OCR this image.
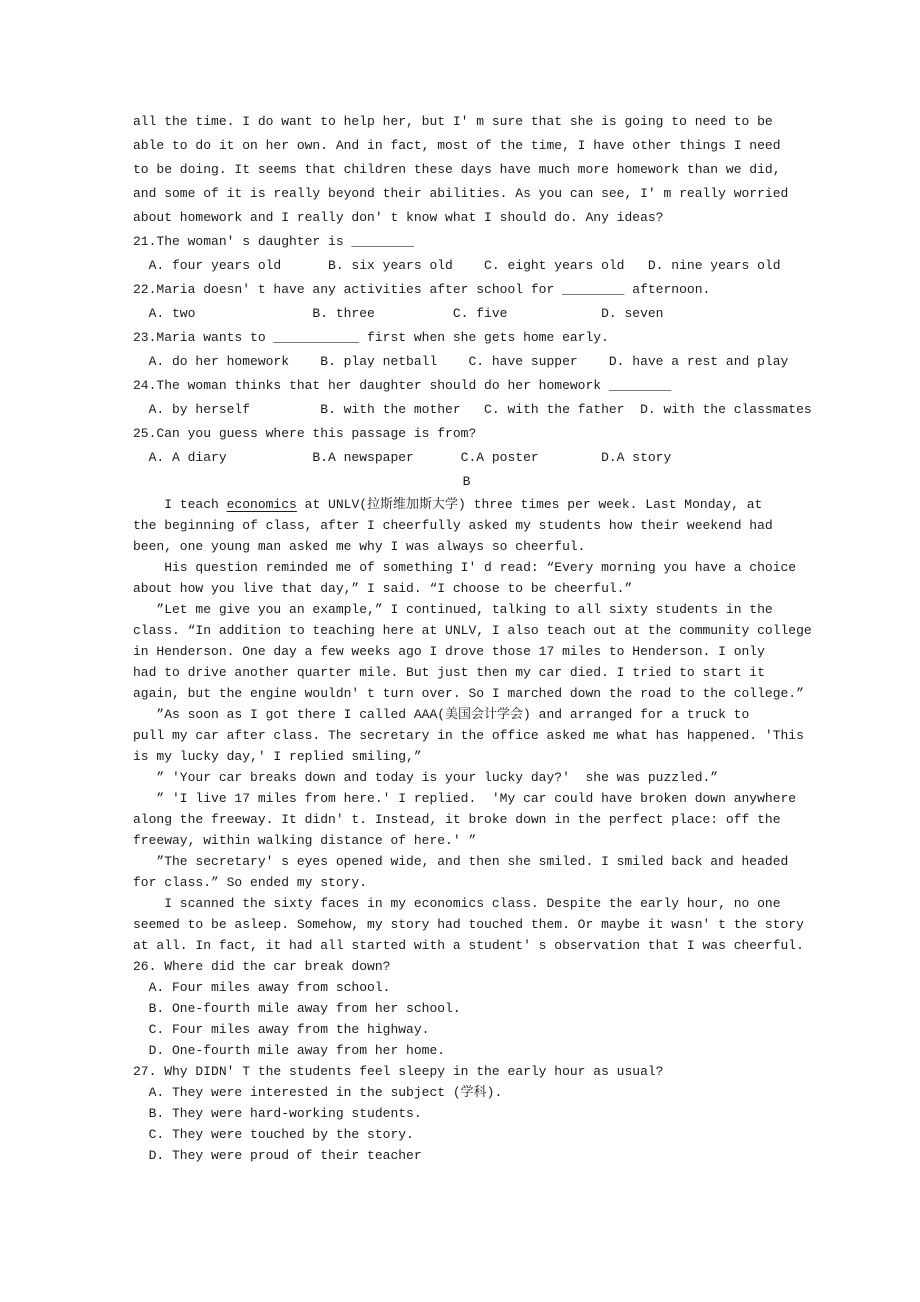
all the time. I do want to help her, but I' m sure that she is going to need to be
able to do it on her own. And in fact, most of the time, I have other things I need
to be doing. It seems that children these days have much more homework than we did,
and some of it is really beyond their abilities. As you can see, I' m really worried
about homework and I really don' t know what I should do. Any ideas?
21.The woman' s daughter is ________
A. four years old      B. six years old    C. eight years old   D. nine years old
22.Maria doesn' t have any activities after school for ________ afternoon.
A. two               B. three          C. five            D. seven
23.Maria wants to ___________ first when she gets home early.
A. do her homework    B. play netball    C. have supper    D. have a rest and play
24.The woman thinks that her daughter should do her homework ________
A. by herself         B. with the mother   C. with the father  D. with the classmates
25.Can you guess where this passage is from?
A. A diary           B.A newspaper      C.A poster        D.A story
B
I teach economics at UNLV(拉斯维加斯大学) three times per week. Last Monday, at
the beginning of class, after I cheerfully asked my students how their weekend had
been, one young man asked me why I was always so cheerful.
His question reminded me of something I' d read: “Every morning you have a choice
about how you live that day,” I said. “I choose to be cheerful.”
”Let me give you an example,” I continued, talking to all sixty students in the
class. “In addition to teaching here at UNLV, I also teach out at the community college
in Henderson. One day a few weeks ago I drove those 17 miles to Henderson. I only
had to drive another quarter mile. But just then my car died. I tried to start it
again, but the engine wouldn' t turn over. So I marched down the road to the college.”
”As soon as I got there I called AAA(美国会计学会) and arranged for a truck to
pull my car after class. The secretary in the office asked me what has happened. 'This
is my lucky day,' I replied smiling,”
” 'Your car breaks down and today is your lucky day?'  she was puzzled.”
” 'I live 17 miles from here.' I replied.  'My car could have broken down anywhere
along the freeway. It didn' t. Instead, it broke down in the perfect place: off the
freeway, within walking distance of here.' ”
”The secretary' s eyes opened wide, and then she smiled. I smiled back and headed
for class.” So ended my story.
I scanned the sixty faces in my economics class. Despite the early hour, no one
seemed to be asleep. Somehow, my story had touched them. Or maybe it wasn' t the story
at all. In fact, it had all started with a student' s observation that I was cheerful.
26. Where did the car break down?
A. Four miles away from school.
B. One-fourth mile away from her school.
C. Four miles away from the highway.
D. One-fourth mile away from her home.
27. Why DIDN' T the students feel sleepy in the early hour as usual?
A. They were interested in the subject (学科).
B. They were hard-working students.
C. They were touched by the story.
D. They were proud of their teacher
